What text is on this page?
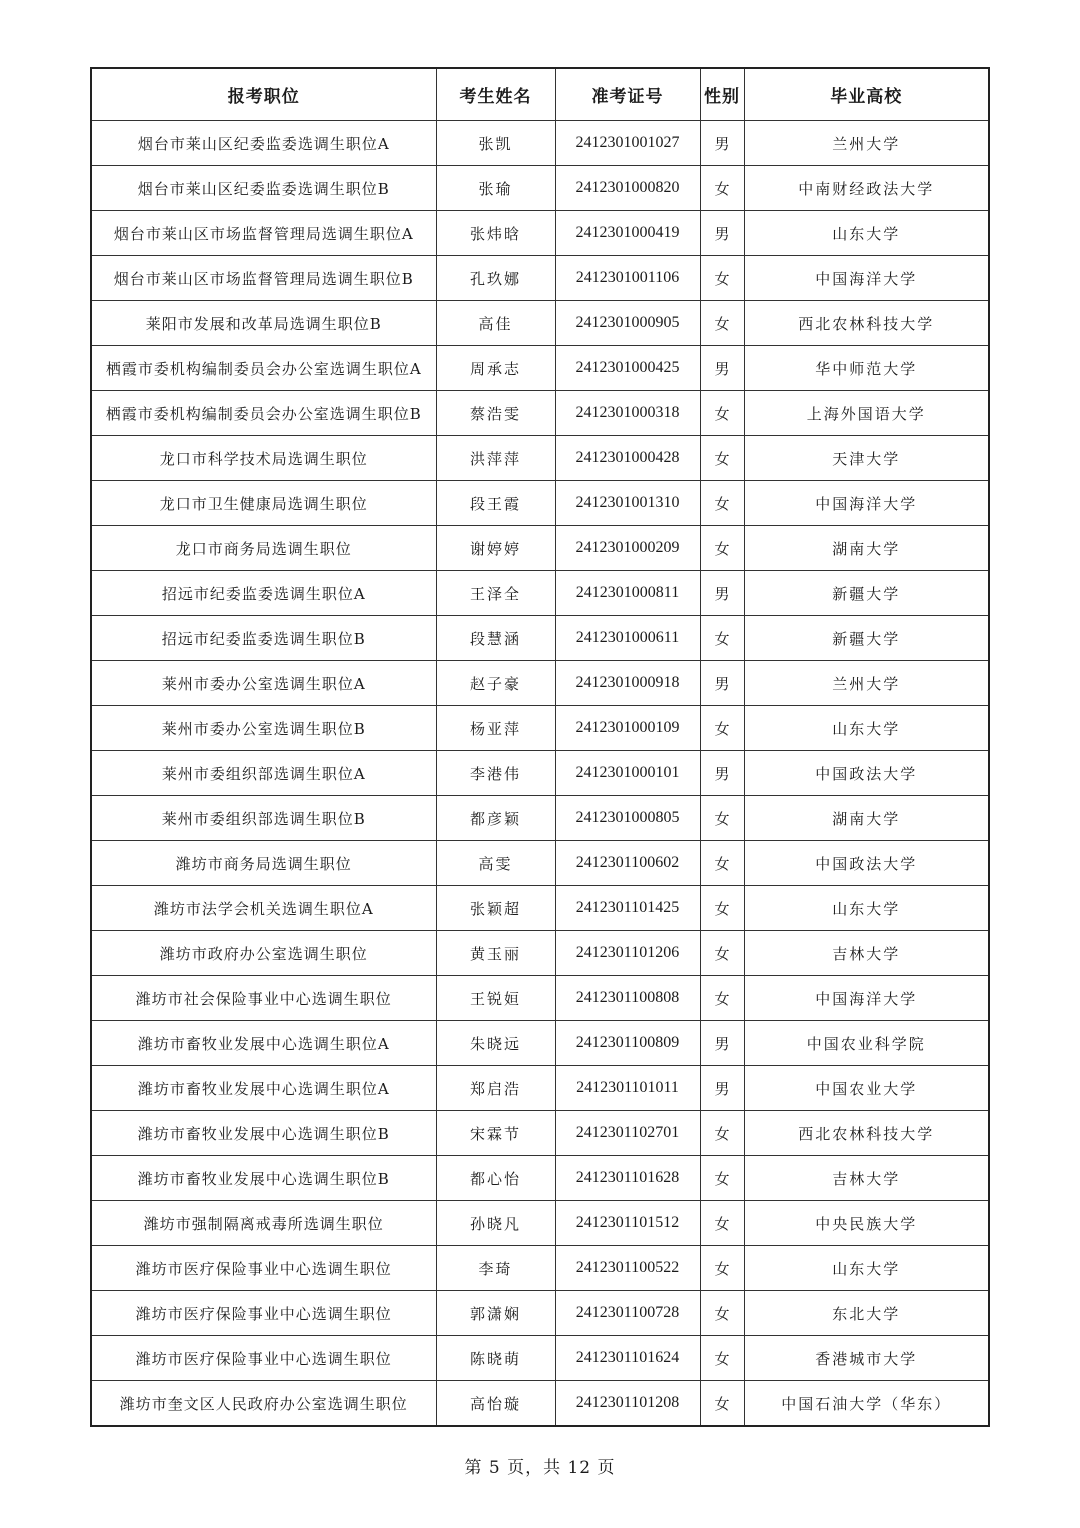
报考职位	考生姓名	准考证号	性别	毕业高校
烟台市莱山区纪委监委选调生职位A	张凯	2412301001027	男	兰州大学
烟台市莱山区纪委监委选调生职位B	张瑜	2412301000820	女	中南财经政法大学
烟台市莱山区市场监督管理局选调生职位A	张炜晗	2412301000419	男	山东大学
烟台市莱山区市场监督管理局选调生职位B	孔玖娜	2412301001106	女	中国海洋大学
莱阳市发展和改革局选调生职位B	高佳	2412301000905	女	西北农林科技大学
栖霞市委机构编制委员会办公室选调生职位A	周承志	2412301000425	男	华中师范大学
栖霞市委机构编制委员会办公室选调生职位B	蔡浩雯	2412301000318	女	上海外国语大学
龙口市科学技术局选调生职位	洪萍萍	2412301000428	女	天津大学
龙口市卫生健康局选调生职位	段王霞	2412301001310	女	中国海洋大学
龙口市商务局选调生职位	谢婷婷	2412301000209	女	湖南大学
招远市纪委监委选调生职位A	王泽全	2412301000811	男	新疆大学
招远市纪委监委选调生职位B	段慧涵	2412301000611	女	新疆大学
莱州市委办公室选调生职位A	赵子豪	2412301000918	男	兰州大学
莱州市委办公室选调生职位B	杨亚萍	2412301000109	女	山东大学
莱州市委组织部选调生职位A	李港伟	2412301000101	男	中国政法大学
莱州市委组织部选调生职位B	都彦颖	2412301000805	女	湖南大学
潍坊市商务局选调生职位	高雯	2412301100602	女	中国政法大学
潍坊市法学会机关选调生职位A	张颖超	2412301101425	女	山东大学
潍坊市政府办公室选调生职位	黄玉丽	2412301101206	女	吉林大学
潍坊市社会保险事业中心选调生职位	王锐姮	2412301100808	女	中国海洋大学
潍坊市畜牧业发展中心选调生职位A	朱晓远	2412301100809	男	中国农业科学院
潍坊市畜牧业发展中心选调生职位A	郑启浩	2412301101011	男	中国农业大学
潍坊市畜牧业发展中心选调生职位B	宋霖节	2412301102701	女	西北农林科技大学
潍坊市畜牧业发展中心选调生职位B	都心怡	2412301101628	女	吉林大学
潍坊市强制隔离戒毒所选调生职位	孙晓凡	2412301101512	女	中央民族大学
潍坊市医疗保险事业中心选调生职位	李琦	2412301100522	女	山东大学
潍坊市医疗保险事业中心选调生职位	郭潇娴	2412301100728	女	东北大学
潍坊市医疗保险事业中心选调生职位	陈晓萌	2412301101624	女	香港城市大学
潍坊市奎文区人民政府办公室选调生职位	高怡璇	2412301101208	女	中国石油大学（华东）
第 5 页，共 12 页
